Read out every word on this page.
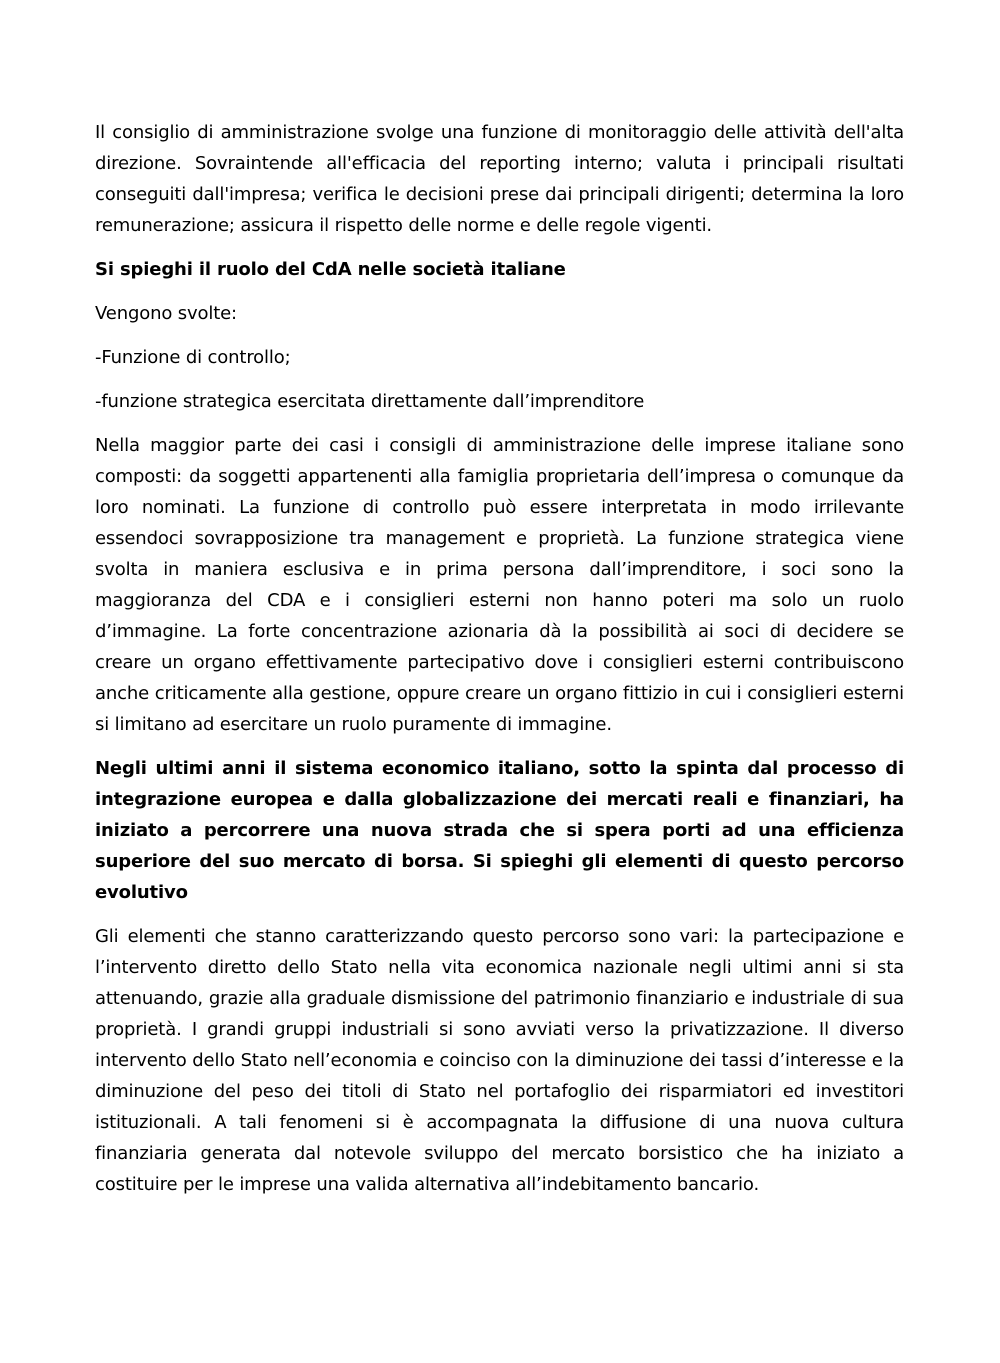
Il consiglio di amministrazione svolge una funzione di monitoraggio delle attività dell'alta direzione. Sovraintende all'efficacia del reporting interno; valuta i principali risultati conseguiti dall'impresa; verifica le decisioni prese dai principali dirigenti; determina la loro remunerazione; assicura il rispetto delle norme e delle regole vigenti.

Si spieghi il ruolo del CdA nelle società italiane

Vengono svolte:

-Funzione di controllo;

-funzione strategica esercitata direttamente dall’imprenditore

Nella maggior parte dei casi i consigli di amministrazione delle imprese italiane sono composti: da soggetti appartenenti alla famiglia proprietaria dell’impresa o comunque da loro nominati. La funzione di controllo può essere interpretata in modo irrilevante essendoci sovrapposizione tra management e proprietà. La funzione strategica viene svolta in maniera esclusiva e in prima persona dall’imprenditore, i soci sono la maggioranza del CDA e i consiglieri esterni non hanno poteri ma solo un ruolo d’immagine. La forte concentrazione azionaria dà la possibilità ai soci di decidere se creare un organo effettivamente partecipativo dove i consiglieri esterni contribuiscono anche criticamente alla gestione, oppure creare un organo fittizio in cui i consiglieri esterni si limitano ad esercitare un ruolo puramente di immagine.

Negli ultimi anni il sistema economico italiano, sotto la spinta dal processo di integrazione europea e dalla globalizzazione dei mercati reali e finanziari, ha iniziato a percorrere una nuova strada che si spera porti ad una efficienza superiore del suo mercato di borsa. Si spieghi gli elementi di questo percorso evolutivo

Gli elementi che stanno caratterizzando questo percorso sono vari: la partecipazione e l’intervento diretto dello Stato nella vita economica nazionale negli ultimi anni si sta attenuando, grazie alla graduale dismissione del patrimonio finanziario e industriale di sua proprietà. I grandi gruppi industriali si sono avviati verso la privatizzazione. Il diverso intervento dello Stato nell’economia e coinciso con la diminuzione dei tassi d’interesse e la diminuzione del peso dei titoli di Stato nel portafoglio dei risparmiatori ed investitori istituzionali. A tali fenomeni si è accompagnata la diffusione di una nuova cultura finanziaria generata dal notevole sviluppo del mercato borsistico che ha iniziato a costituire per le imprese una valida alternativa all’indebitamento bancario.
